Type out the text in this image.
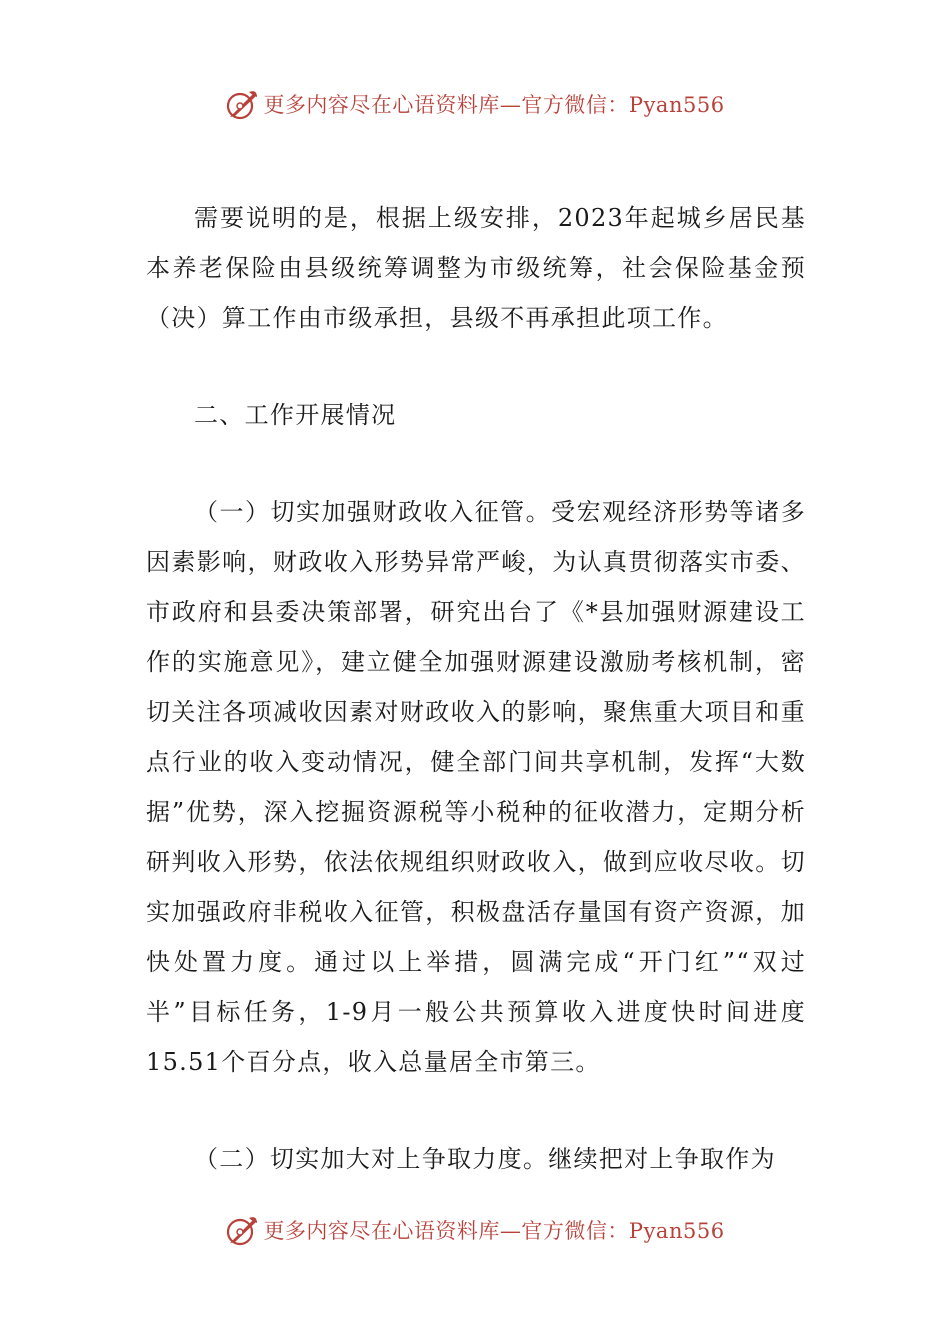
更多内容尽在心语资料库—官方微信：Pyan556

需要说明的是，根据上级安排，2023年起城乡居民基本养老保险由县级统筹调整为市级统筹，社会保险基金预（决）算工作由市级承担，县级不再承担此项工作。

二、工作开展情况

（一）切实加强财政收入征管。受宏观经济形势等诸多因素影响，财政收入形势异常严峻，为认真贯彻落实市委、市政府和县委决策部署，研究出台了《*县加强财源建设工作的实施意见》，建立健全加强财源建设激励考核机制，密切关注各项减收因素对财政收入的影响，聚焦重大项目和重点行业的收入变动情况，健全部门间共享机制，发挥“大数据”优势，深入挖掘资源税等小税种的征收潜力，定期分析研判收入形势，依法依规组织财政收入，做到应收尽收。切实加强政府非税收入征管，积极盘活存量国有资产资源，加快处置力度。通过以上举措，圆满完成“开门红”“双过半”目标任务，1-9月一般公共预算收入进度快时间进度15.51个百分点，收入总量居全市第三。

（二）切实加大对上争取力度。继续把对上争取作为

更多内容尽在心语资料库—官方微信：Pyan556
